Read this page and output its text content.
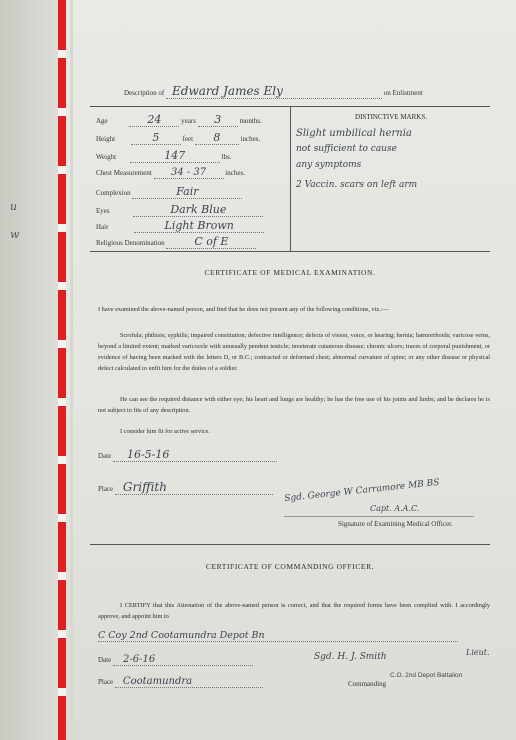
u
w
Description of Edward James Ely	on Enlistment
Age	24	years 3	months.
Height	5	feet 8	inches.
Weight	147	lbs.
Chest Measurement 34 - 37	inches.
Complexion	Fair
Eyes	Dark Blue
Hair	Light Brown
Religious Denomination	C of E
DISTINCTIVE MARKS.
Slight umbilical hernia
not sufficient to cause
any symptoms
2 Vaccin. scars on left arm
CERTIFICATE OF MEDICAL EXAMINATION.
I have examined the above-named person, and find that he does not present any of the following conditions, viz.:—
Scrofula; phthisis; syphilis; impaired constitution; defective intelligence; defects of vision, voice, or hearing; hernia; hæmorrhoids; varicose veins, beyond a limited extent; marked varicocele with unusually pendent testicle; inveterate cutaneous disease; chronic ulcers; traces of corporal punishment, or evidence of having been marked with the letters D, or B.C.; contracted or deformed chest; abnormal curvature of spine; or any other disease or physical defect calculated to unfit him for the duties of a soldier.
He can see the required distance with either eye; his heart and lungs are healthy; he has the free use of his joints and limbs; and he declares he is not subject to fits of any description.
I consider him fit for active service.
Date 16-5-16
Place Griffith	Sgd. George W Carramore MB BS
Capt. A.A.C.
Signature of Examining Medical Officer.
CERTIFICATE OF COMMANDING OFFICER.
I CERTIFY that this Attestation of the above-named person is correct, and that the required forms have been complied with. I accordingly approve, and appoint him to
C Coy 2nd Cootamundra Depot Bn
Date 2-6-16	Sgd. H. J. Smith	Lieut.
Place Cootamundra	Commanding
C.O. 2nd Depot Battalion
